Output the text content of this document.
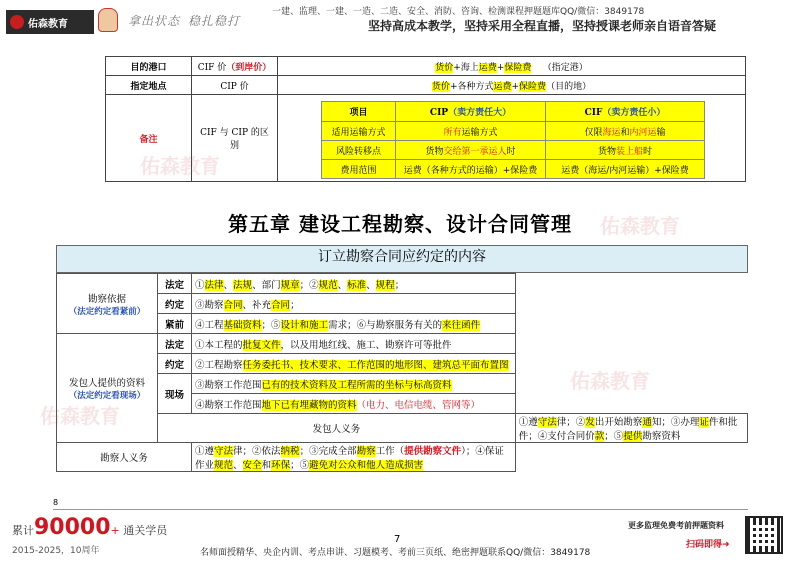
佑森教育
佑森教育
佑森教育
佑森教育
佑森教育	拿出状态 稳扎稳打
一建、监理、一建、一造、二造、安全、消防、咨询、检测课程押题题库QQ/微信：3849178
坚持高成本教学，坚持采用全程直播，坚持授课老师亲自语音答疑
目的港口	CIF 价（到岸价）	货价+海上运费+保险费 （指定港）
指定地点	CIP 价	货价+各种方式运费+保险费（目的地）
备注	CIF 与 CIP 的区别	
项目	CIP（卖方责任大）	CIF（卖方责任小）
适用运输方式	所有运输方式	仅限海运和内河运输
风险转移点	货物交给第一承运人时	货物装上船时
费用范围	运费（各种方式的运输）+保险费	运费（海运/内河运输）+保险费
第五章 建设工程勘察、设计合同管理
订立勘察合同应约定的内容
勘察依据
（法定约定看紧前）	法定	①法律、法规、部门规章；②规范、标准、规程；	
	约定	③勘察合同、补充合同；	
	紧前	④工程基础资料；⑤设计和施工需求；⑥与勘察服务有关的来往函件	

发包人提供的资料
（法定约定看现场）	法定	①本工程的批复文件，以及用地红线、施工、勘察许可等批件	
	约定	②工程勘察任务委托书、技术要求、工作范围的地形图、建筑总平面布置图	
	现场	③勘察工作范围已有的技术资料及工程所需的坐标与标高资料	
		④勘察工作范围地下已有埋藏物的资料（电力、电信电缆、管网等）	
	发包人义务		①遵守法律；②发出开始勘察通知；③办理证件和批件；④支付合同价款；⑤提供勘察资料
勘察人义务		①遵守法律；②依法纳税；③完成全部勘察工作（提供勘察文件）；④保证作业规范、安全和环保；⑤避免对公众和他人造成损害	
8
累计90000+ 通关学员
2015-2025，10周年
7
名师面授精华、央企内训、考点串讲、习题模考、考前三页纸、绝密押题联系QQ/微信：3849178
更多监理免费考前押题资料
扫码即得➜
